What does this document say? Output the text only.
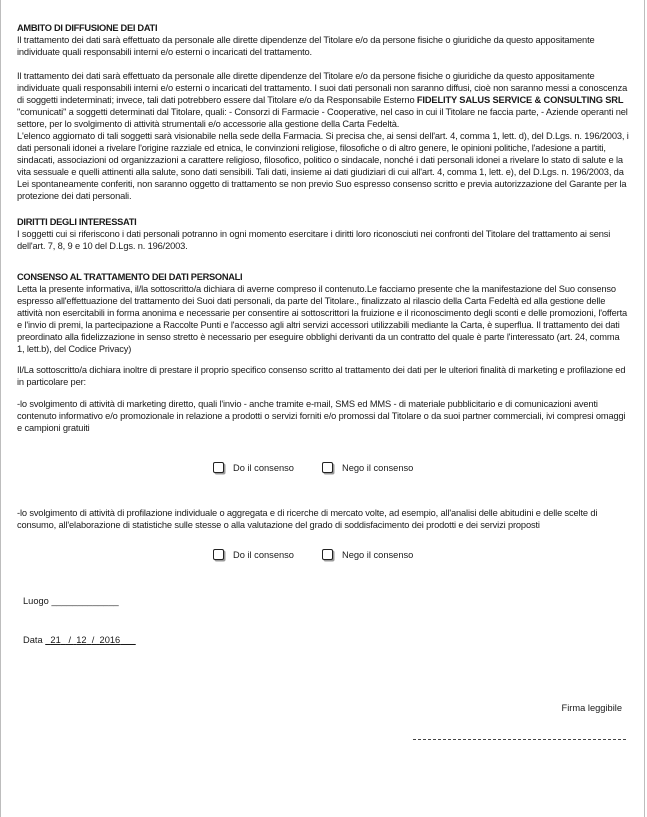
AMBITO DI DIFFUSIONE DEI DATI
Il trattamento dei dati sarà effettuato da personale alle dirette dipendenze del Titolare e/o da persone fisiche o giuridiche da questo appositamente individuate quali responsabili interni e/o esterni o incaricati del trattamento.
Il trattamento dei dati sarà effettuato da personale alle dirette dipendenze del Titolare e/o da persone fisiche o giuridiche da questo appositamente individuate quali responsabili interni e/o esterni o incaricati del trattamento. I suoi dati personali non saranno diffusi, cioè non saranno messi a conoscenza di soggetti indeterminati; invece, tali dati potrebbero essere dal Titolare e/o da Responsabile Esterno FIDELITY SALUS SERVICE & CONSULTING SRL "comunicati" a soggetti determinati dal Titolare, quali: - Consorzi di Farmacie - Cooperative, nel caso in cui il Titolare ne faccia parte, - Aziende operanti nel settore, per lo svolgimento di attività strumentali e/o accessorie alla gestione della Carta Fedeltà.
L'elenco aggiornato di tali soggetti sarà visionabile nella sede della Farmacia. Si precisa che, ai sensi dell'art. 4, comma 1, lett. d), del D.Lgs. n. 196/2003, i dati personali idonei a rivelare l'origine razziale ed etnica, le convinzioni religiose, filosofiche o di altro genere, le opinioni politiche, l'adesione a partiti, sindacati, associazioni od organizzazioni a carattere religioso, filosofico, politico o sindacale, nonché i dati personali idonei a rivelare lo stato di salute e la vita sessuale e quelli attinenti alla salute, sono dati sensibili. Tali dati, insieme ai dati giudiziari di cui all'art. 4, comma 1, lett. e), del D.Lgs. n. 196/2003, da Lei spontaneamente conferiti, non saranno oggetto di trattamento se non previo Suo espresso consenso scritto e previa autorizzazione del Garante per la protezione dei dati personali.
DIRITTI DEGLI INTERESSATI
I soggetti cui si riferiscono i dati personali potranno in ogni momento esercitare i diritti loro riconosciuti nei confronti del Titolare del trattamento ai sensi dell'art. 7, 8, 9 e 10 del D.Lgs. n. 196/2003.
CONSENSO AL TRATTAMENTO DEI DATI PERSONALI
Letta la presente informativa, il/la sottoscritto/a dichiara di averne compreso il contenuto.Le facciamo presente che la manifestazione del Suo consenso espresso all'effettuazione del trattamento dei Suoi dati personali, da parte del Titolare., finalizzato al rilascio della Carta Fedeltà ed alla gestione delle attività non esercitabili in forma anonima e necessarie per consentire ai sottoscrittori la fruizione e il riconoscimento degli sconti e delle promozioni, l'offerta e l'invio di premi, la partecipazione a Raccolte Punti e l'accesso agli altri servizi accessori utilizzabili mediante la Carta, è superflua. Il trattamento dei dati preordinato alla fidelizzazione in senso stretto è necessario per eseguire obblighi derivanti da un contratto del quale è parte l'interessato (art. 24, comma 1, lett.b), del Codice Privacy)
Il/La sottoscritto/a dichiara inoltre di prestare il proprio specifico consenso scritto al trattamento dei dati per le ulteriori finalità di marketing e profilazione ed in particolare per:
-lo svolgimento di attività di marketing diretto, quali l'invio - anche tramite e-mail, SMS ed MMS - di materiale pubblicitario e di comunicazioni aventi contenuto informativo e/o promozionale in relazione a prodotti o servizi forniti e/o promossi dal Titolare o da suoi partner commerciali, ivi compresi omaggi e campioni gratuiti
Do il consenso	Nego il consenso
-lo svolgimento di attività di profilazione individuale o aggregata e di ricerche di mercato volte, ad esempio, all'analisi delle abitudini e delle scelte di consumo, all'elaborazione di statistiche sulle stesse o alla valutazione del grado di soddisfacimento dei prodotti e dei servizi proposti
Do il consenso	Nego il consenso
Luogo _____________
Data 21   /  12 /  2016
Firma leggibile
